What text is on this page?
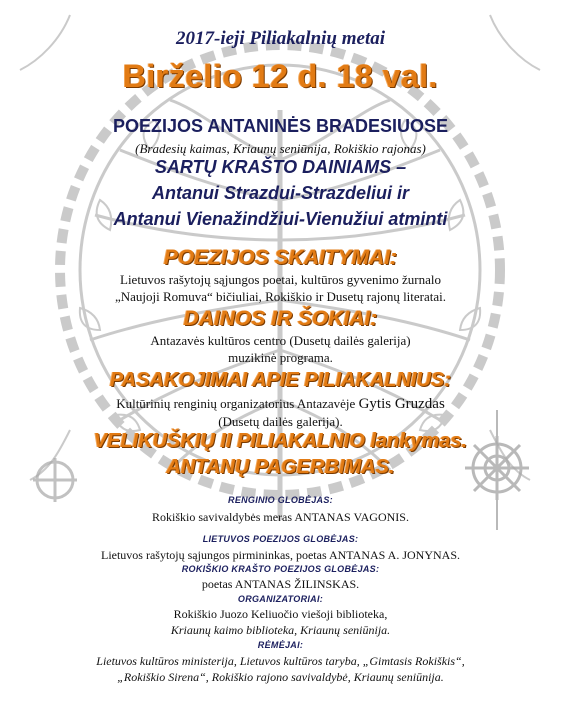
2017-ieji Piliakalnių metai
Birželio 12 d. 18 val.
POEZIJOS ANTANINĖS BRADESIUOSE
(Bradesių kaimas, Kriaunų seniūnija, Rokiškio rajonas)
SARTŲ KRAŠTO DAINIAMS –
Antanui Strazdui-Strazdeliui ir
Antanui Vienažindžiui-Vienužiui atminti
POEZIJOS SKAITYMAI:
Lietuvos rašytojų sąjungos poetai, kultūros gyvenimo žurnalo
„Naujoji Romuva“ bičiuliai, Rokiškio ir Dusetų rajonų literatai.
DAINOS IR ŠOKIAI:
Antazavės kultūros centro (Dusetų dailės galerija)
muzikinė programa.
PASAKOJIMAI APIE PILIAKALNIUS:
Kultūrinių renginių organizatorius Antazavėje Gytis Gruzdas
(Dusetų dailės galerija).
VELIKUŠKIŲ II PILIAKALNIO lankymas.
ANTANŲ PAGERBIMAS.
RENGINIO GLOBĖJAS:
Rokiškio savivaldybės meras ANTANAS VAGONIS.
LIETUVOS POEZIJOS GLOBĖJAS:
Lietuvos rašytojų sąjungos pirmininkas, poetas ANTANAS A. JONYNAS.
ROKIŠKIO KRAŠTO POEZIJOS GLOBĖJAS:
poetas ANTANAS ŽILINSKAS.
ORGANIZATORIAI:
Rokiškio Juozo Keliuočio viešoji biblioteka,
Kriaunų kaimo biblioteka, Kriaunų seniūnija.
RĖMĖJAI:
Lietuvos kultūros ministerija, Lietuvos kultūros taryba, „Gimtasis Rokiškis“,
„Rokiškio Sirena“, Rokiškio rajono savivaldybė, Kriaunų seniūnija.
